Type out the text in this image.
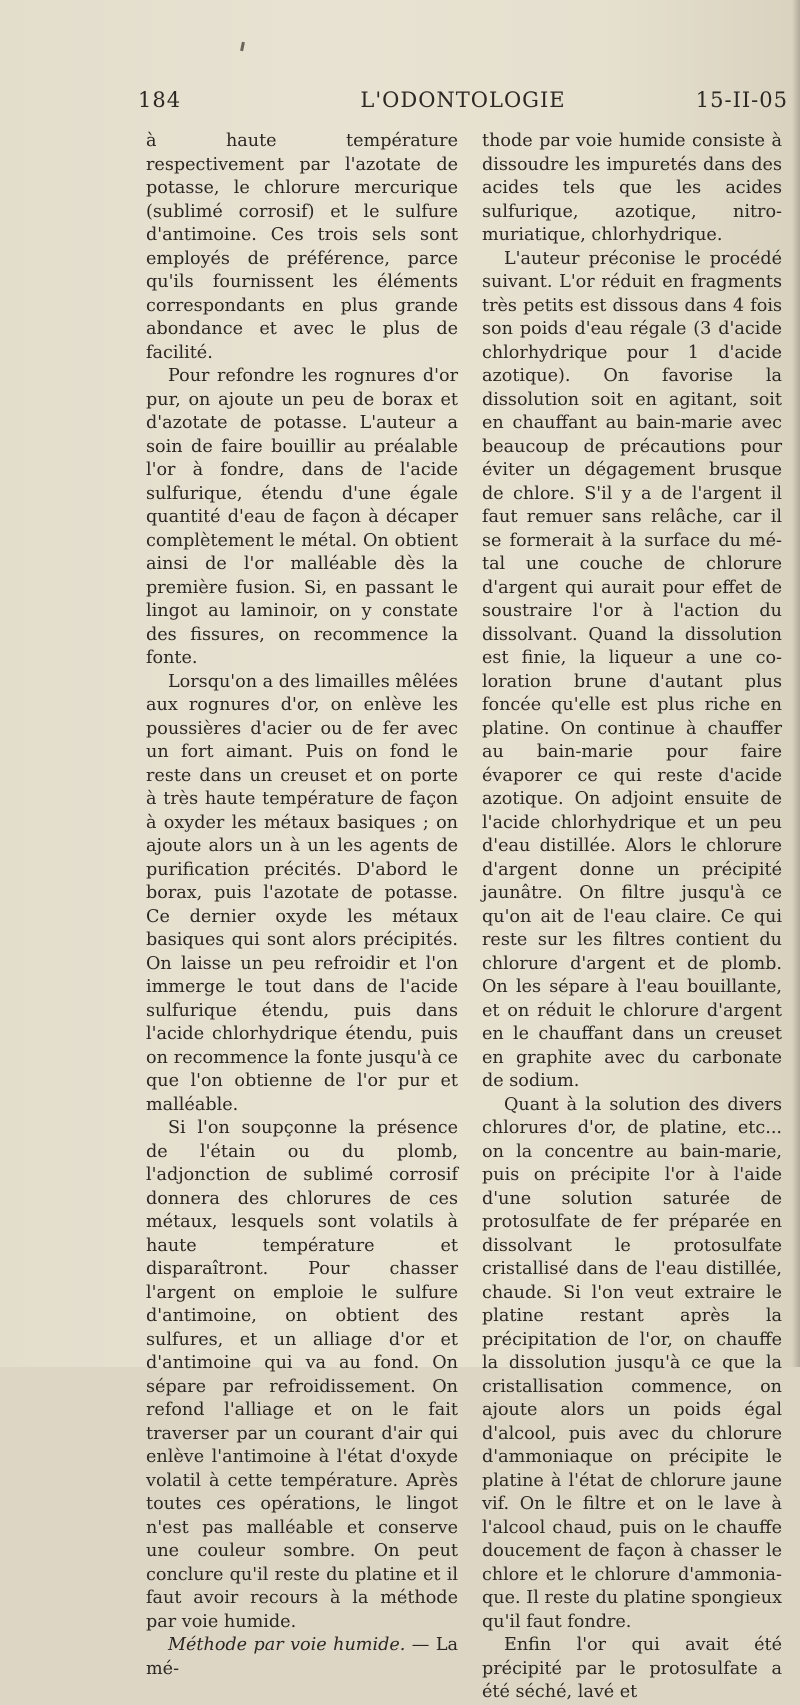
184	L'ODONTOLOGIE	15-II-05

à haute température respectivement par l'azotate de potasse, le chlorure mercurique (sublimé corrosif) et le sulfure d'antimoine. Ces trois sels sont employés de préférence, parce qu'ils fournissent les éléments correspondants en plus grande abondance et avec le plus de facilité.

Pour refondre les rognures d'or pur, on ajoute un peu de borax et d'azotate de potasse. L'auteur a soin de faire bouillir au préalable l'or à fondre, dans de l'acide sulfurique, étendu d'une égale quantité d'eau de façon à décaper complètement le métal. On obtient ainsi de l'or malléable dès la première fusion. Si, en passant le lingot au laminoir, on y constate des fissures, on recommence la fonte.

Lorsqu'on a des limailles mêlées aux rognures d'or, on enlève les poussières d'acier ou de fer avec un fort aimant. Puis on fond le reste dans un creuset et on porte à très haute température de façon à oxyder les métaux basiques ; on ajoute alors un à un les agents de purification précités. D'abord le borax, puis l'azotate de potasse. Ce dernier oxyde les métaux basiques qui sont alors précipités. On laisse un peu refroidir et l'on immerge le tout dans de l'acide sulfurique étendu, puis dans l'acide chlorhydrique étendu, puis on recommence la fonte jusqu'à ce que l'on obtienne de l'or pur et malléable.

Si l'on soupçonne la présence de l'étain ou du plomb, l'adjonction de sublimé corrosif donnera des chlorures de ces métaux, lesquels sont volatils à haute température et disparaîtront. Pour chasser l'argent on emploie le sulfure d'antimoine, on obtient des sulfures, et un alliage d'or et d'antimoine qui va au fond. On sépare par refroidissement. On refond l'alliage et on le fait traverser par un courant d'air qui enlève l'antimoine à l'état d'oxyde volatil à cette température. Après toutes ces opérations, le lingot n'est pas malléable et conserve une couleur sombre. On peut conclure qu'il reste du platine et il faut avoir recours à la méthode par voie humide.

Méthode par voie humide. — La mé-

thode par voie humide consiste à dissoudre les impuretés dans des acides tels que les acides sulfurique, azotique, nitro-muriatique, chlorhydrique.

L'auteur préconise le procédé suivant. L'or réduit en fragments très petits est dissous dans 4 fois son poids d'eau régale (3 d'acide chlorhydrique pour 1 d'acide azotique). On favorise la dissolution soit en agitant, soit en chauffant au bain-marie avec beaucoup de précautions pour éviter un dégagement brusque de chlore. S'il y a de l'argent il faut remuer sans relâche, car il se formerait à la surface du métal une couche de chlorure d'argent qui aurait pour effet de soustraire l'or à l'action du dissolvant. Quand la dissolution est finie, la liqueur a une coloration brune d'autant plus foncée qu'elle est plus riche en platine. On continue à chauffer au bain-marie pour faire évaporer ce qui reste d'acide azotique. On adjoint ensuite de l'acide chlorhydrique et un peu d'eau distillée. Alors le chlorure d'argent donne un précipité jaunâtre. On filtre jusqu'à ce qu'on ait de l'eau claire. Ce qui reste sur les filtres contient du chlorure d'argent et de plomb. On les sépare à l'eau bouillante, et on réduit le chlorure d'argent en le chauffant dans un creuset en graphite avec du carbonate de sodium.

Quant à la solution des divers chlorures d'or, de platine, etc... on la concentre au bain-marie, puis on précipite l'or à l'aide d'une solution saturée de protosulfate de fer préparée en dissolvant le protosulfate cristallisé dans de l'eau distillée, chaude. Si l'on veut extraire le platine restant après la précipitation de l'or, on chauffe la dissolution jusqu'à ce que la cristallisation commence, on ajoute alors un poids égal d'alcool, puis avec du chlorure d'ammoniaque on précipite le platine à l'état de chlorure jaune vif. On le filtre et on le lave à l'alcool chaud, puis on le chauffe doucement de façon à chasser le chlore et le chlorure d'ammoniaque. Il reste du platine spongieux qu'il faut fondre.

Enfin l'or qui avait été précipité par le protosulfate a été séché, lavé et
